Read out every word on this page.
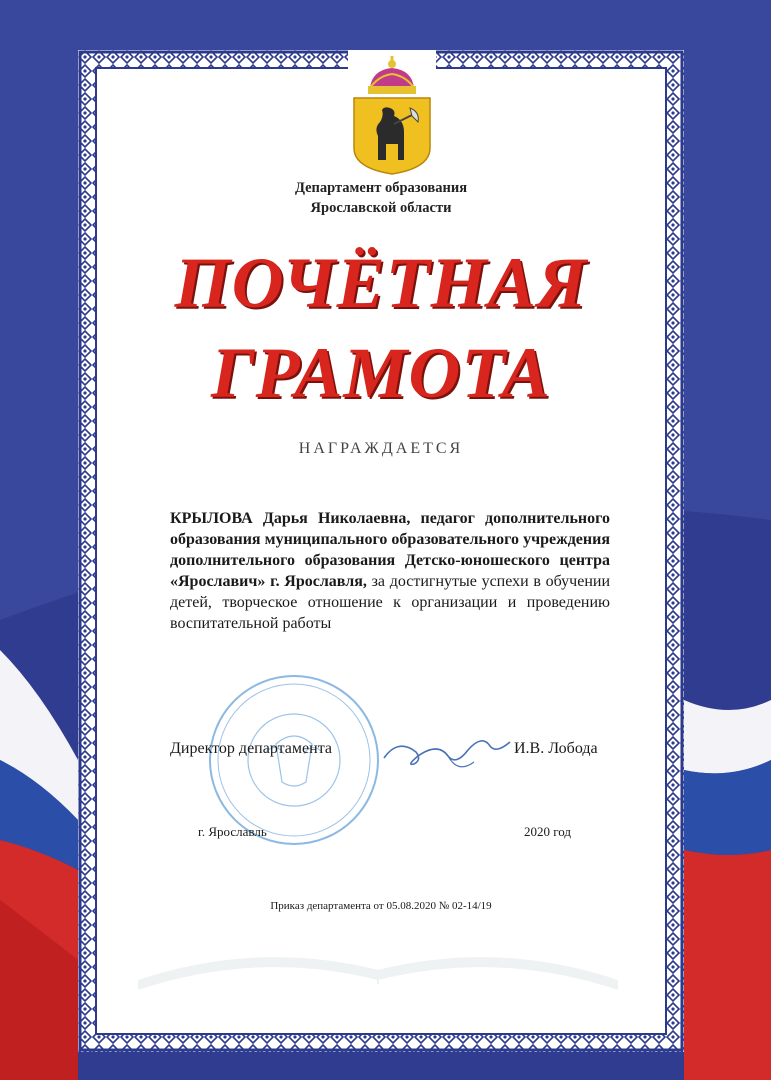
Департамент образования
Ярославской области
ПОЧЁТНАЯ
ГРАМОТА
НАГРАЖДАЕТСЯ
КРЫЛОВА Дарья Николаевна, педагог дополнительного образования муниципального образовательного учреждения дополнительного образования Детско-юношеского центра «Ярославич» г. Ярославля, за достигнутые успехи в обучении детей, творческое отношение к организации и проведению воспитательной работы
Директор департамента	И.В. Лобода
г. Ярославль	2020 год
Приказ департамента от 05.08.2020 № 02-14/19
